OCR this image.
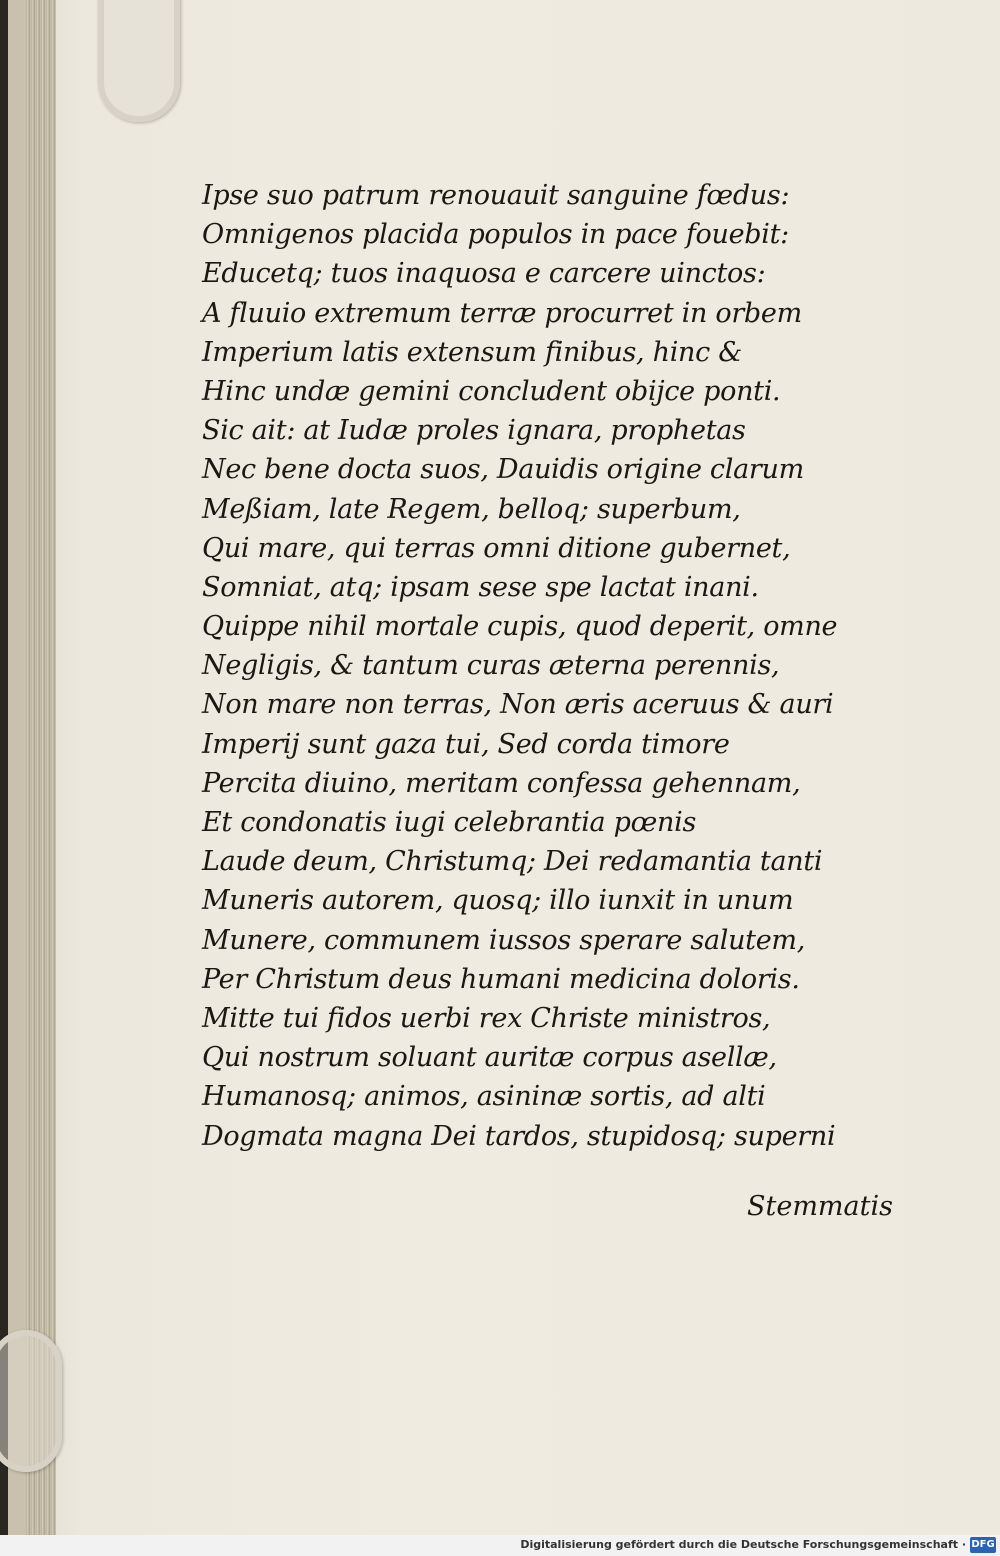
Ipse suo patrum renouauit sanguine fœdus:
Omnigenos placida populos in pace fouebit:
Educetq; tuos inaquosa e carcere uinctos:
A fluuio extremum terræ procurret in orbem
Imperium latis extensum finibus, hinc &
Hinc undæ gemini concludent obijce ponti.
Sic ait: at Iudæ proles ignara, prophetas
Nec bene docta suos, Dauidis origine clarum
Meßiam, late Regem, belloq; superbum,
Qui mare, qui terras omni ditione gubernet,
Somniat, atq; ipsam sese spe lactat inani.
Quippe nihil mortale cupis, quod deperit, omne
Negligis, & tantum curas æterna perennis,
Non mare non terras, Non æris aceruus & auri
Imperij sunt gaza tui, Sed corda timore
Percita diuino, meritam confessa gehennam,
Et condonatis iugi celebrantia pœnis
Laude deum, Christumq; Dei redamantia tanti
Muneris autorem, quosq; illo iunxit in unum
Munere, communem iussos sperare salutem,
Per Christum deus humani medicina doloris.
Mitte tui fidos uerbi rex Christe ministros,
Qui nostrum soluant auritæ corpus asellæ,
Humanosq; animos, asininæ sortis, ad alti
Dogmata magna Dei tardos, stupidosq; superni
Stemmatis
Digitalisierung gefördert durch die Deutsche Forschungsgemeinschaft · DFG
